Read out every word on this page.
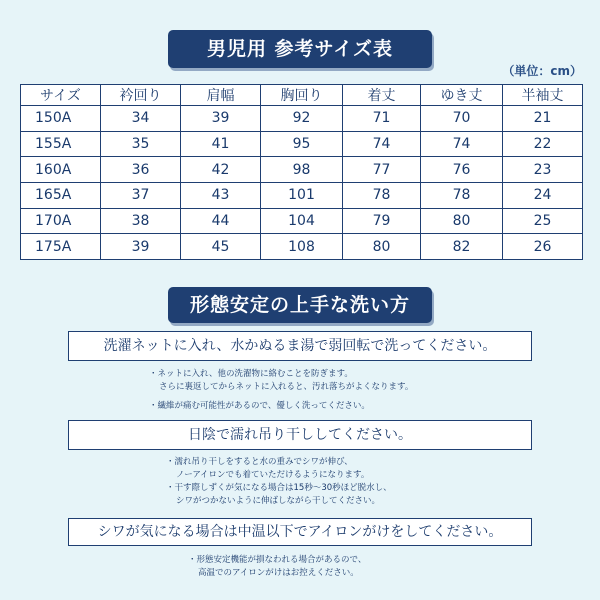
男児用 参考サイズ表
（単位：cm）
サイズ	衿回り	肩幅	胸回り	着丈	ゆき丈	半袖丈
150A	34	39	92	71	70	21
155A	35	41	95	74	74	22
160A	36	42	98	77	76	23
165A	37	43	101	78	78	24
170A	38	44	104	79	80	25
175A	39	45	108	80	82	26
形態安定の上手な洗い方
洗濯ネットに入れ、水かぬるま湯で弱回転で洗ってください。

・ネットに入れ、他の洗濯物に絡むことを防ぎます。

さらに裏返してからネットに入れると、汚れ落ちがよくなります。

・繊維が痛む可能性があるので、優しく洗ってください。

日陰で濡れ吊り干ししてください。

・濡れ吊り干しをすると水の重みでシワが伸び、

ノーアイロンでも着ていただけるようになります。

・干す際しずくが気になる場合は15秒〜30秒ほど脱水し、

シワがつかないように伸ばしながら干してください。

シワが気になる場合は中温以下でアイロンがけをしてください。

・形態安定機能が損なわれる場合があるので、

高温でのアイロンがけはお控えください。
